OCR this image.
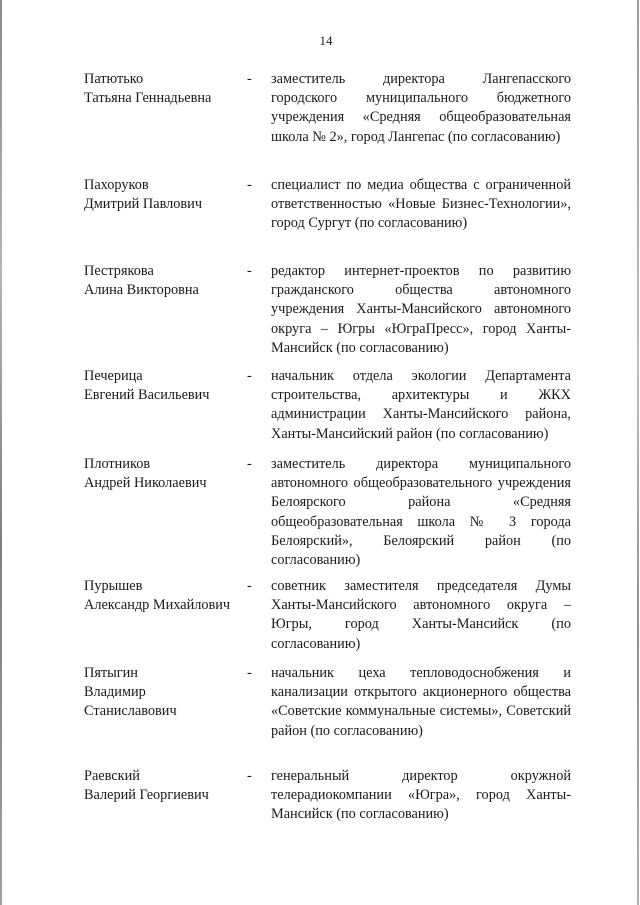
14
Патютько
Татьяна Геннадьевна
- заместитель директора Лангепасского городского муниципального бюджетного учреждения «Средняя общеобразовательная школа № 2», город Лангепас (по согласованию)
Пахоруков
Дмитрий Павлович
- специалист по медиа общества с ограниченной ответственностью «Новые Бизнес-Технологии», город Сургут (по согласованию)
Пестрякова
Алина Викторовна
- редактор интернет-проектов по развитию гражданского общества автономного учреждения Ханты-Мансийского автономного округа – Югры «ЮграПресс», город Ханты-Мансийск (по согласованию)
Печерица
Евгений Васильевич
- начальник отдела экологии Департамента строительства, архитектуры и ЖКХ администрации Ханты-Мансийского района, Ханты-Мансийский район (по согласованию)
Плотников
Андрей Николаевич
- заместитель директора муниципального автономного общеобразовательного учреждения Белоярского района «Средняя общеобразовательная школа № 3 города Белоярский», Белоярский район (по согласованию)
Пурышев
Александр Михайлович
- советник заместителя председателя Думы Ханты-Мансийского автономного округа – Югры, город Ханты-Мансийск (по согласованию)
Пятыгин
Владимир
Станиславович
- начальник цеха тепловодоснобжения и канализации открытого акционерного общества «Советские коммунальные системы», Советский район (по согласованию)
Раевский
Валерий Георгиевич
- генеральный директор окружной телерадиокомпании «Югра», город Ханты-Мансийск (по согласованию)
